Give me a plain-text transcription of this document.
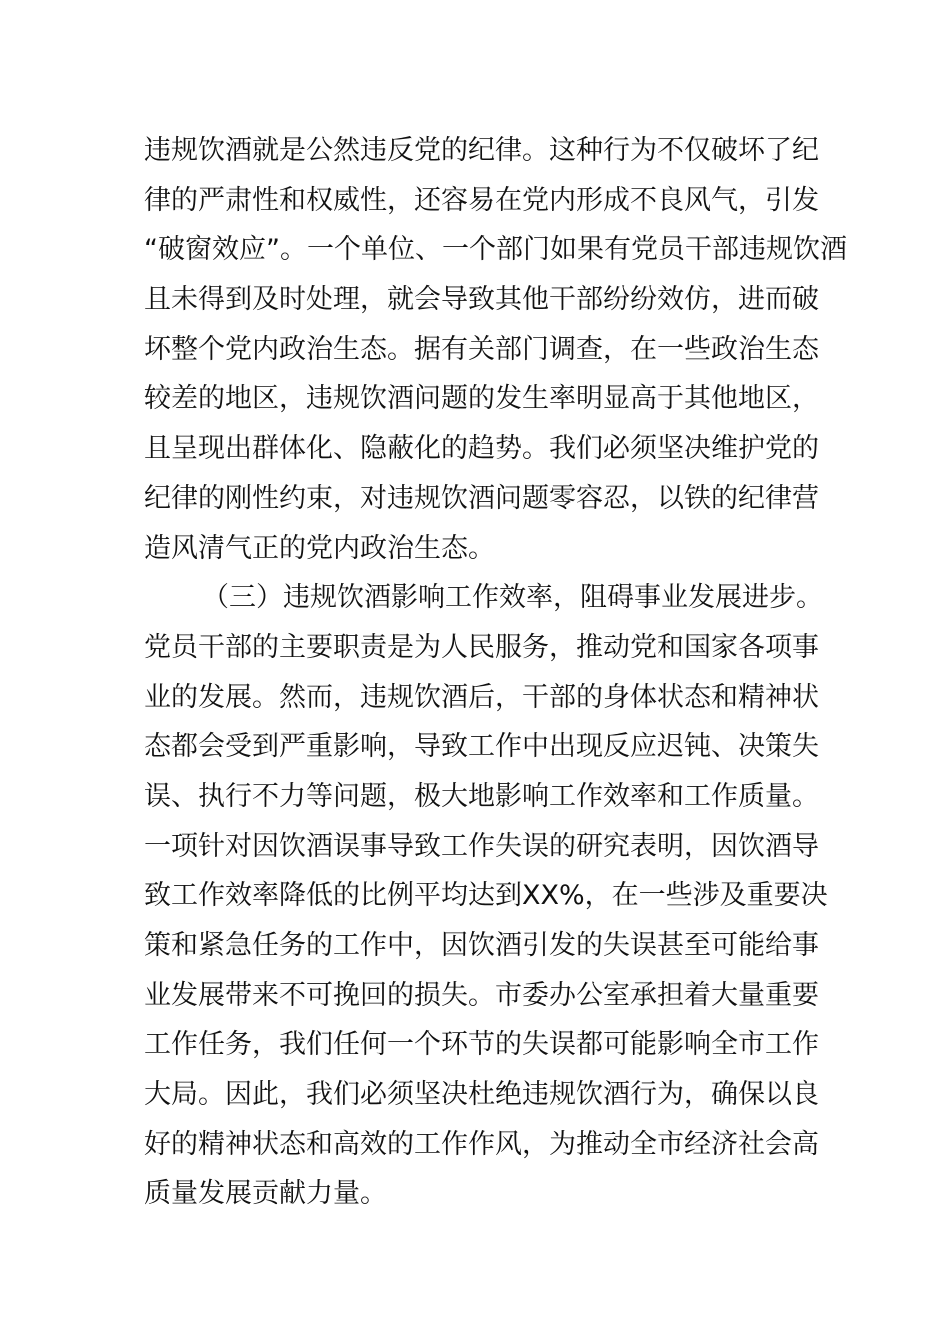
违规饮酒就是公然违反党的纪律。这种行为不仅破坏了纪
律的严肃性和权威性，还容易在党内形成不良风气，引发
“破窗效应”。一个单位、一个部门如果有党员干部违规饮酒
且未得到及时处理，就会导致其他干部纷纷效仿，进而破
坏整个党内政治生态。据有关部门调查，在一些政治生态
较差的地区，违规饮酒问题的发生率明显高于其他地区，
且呈现出群体化、隐蔽化的趋势。我们必须坚决维护党的
纪律的刚性约束，对违规饮酒问题零容忍，以铁的纪律营
造风清气正的党内政治生态。
（三）违规饮酒影响工作效率，阻碍事业发展进步。
党员干部的主要职责是为人民服务，推动党和国家各项事
业的发展。然而，违规饮酒后，干部的身体状态和精神状
态都会受到严重影响，导致工作中出现反应迟钝、决策失
误、执行不力等问题，极大地影响工作效率和工作质量。
一项针对因饮酒误事导致工作失误的研究表明，因饮酒导
致工作效率降低的比例平均达到XX%，在一些涉及重要决
策和紧急任务的工作中，因饮酒引发的失误甚至可能给事
业发展带来不可挽回的损失。市委办公室承担着大量重要
工作任务，我们任何一个环节的失误都可能影响全市工作
大局。因此，我们必须坚决杜绝违规饮酒行为，确保以良
好的精神状态和高效的工作作风，为推动全市经济社会高
质量发展贡献力量。
